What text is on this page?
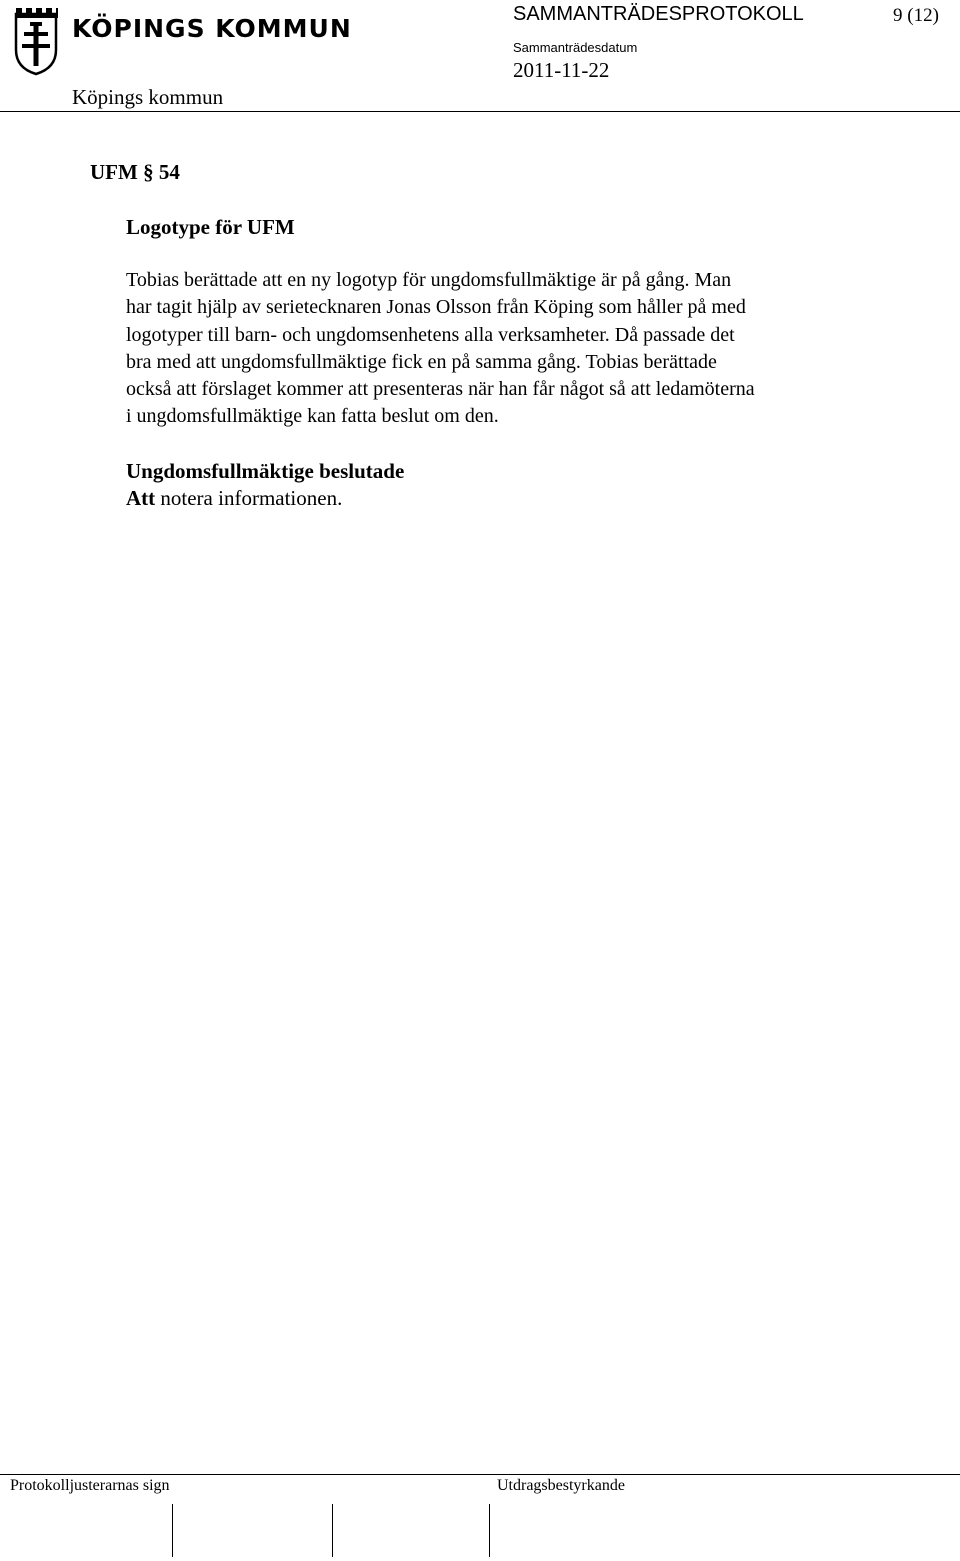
KÖPINGS KOMMUN
Köpings kommun
SAMMANTRÄDESPROTOKOLL	9 (12)
Sammanträdesdatum
2011-11-22
UFM § 54
Logotype för UFM
Tobias berättade att en ny logotyp för ungdomsfullmäktige är på gång. Man
har tagit hjälp av serietecknaren Jonas Olsson från Köping som håller på med
logotyper till barn- och ungdomsenhetens alla verksamheter. Då passade det
bra med att ungdomsfullmäktige fick en på samma gång. Tobias berättade
också att förslaget kommer att presenteras när han får något så att ledamöterna
i ungdomsfullmäktige kan fatta beslut om den.
Ungdomsfullmäktige beslutade
Att notera informationen.
Protokolljusterarnas sign	Utdragsbestyrkande
